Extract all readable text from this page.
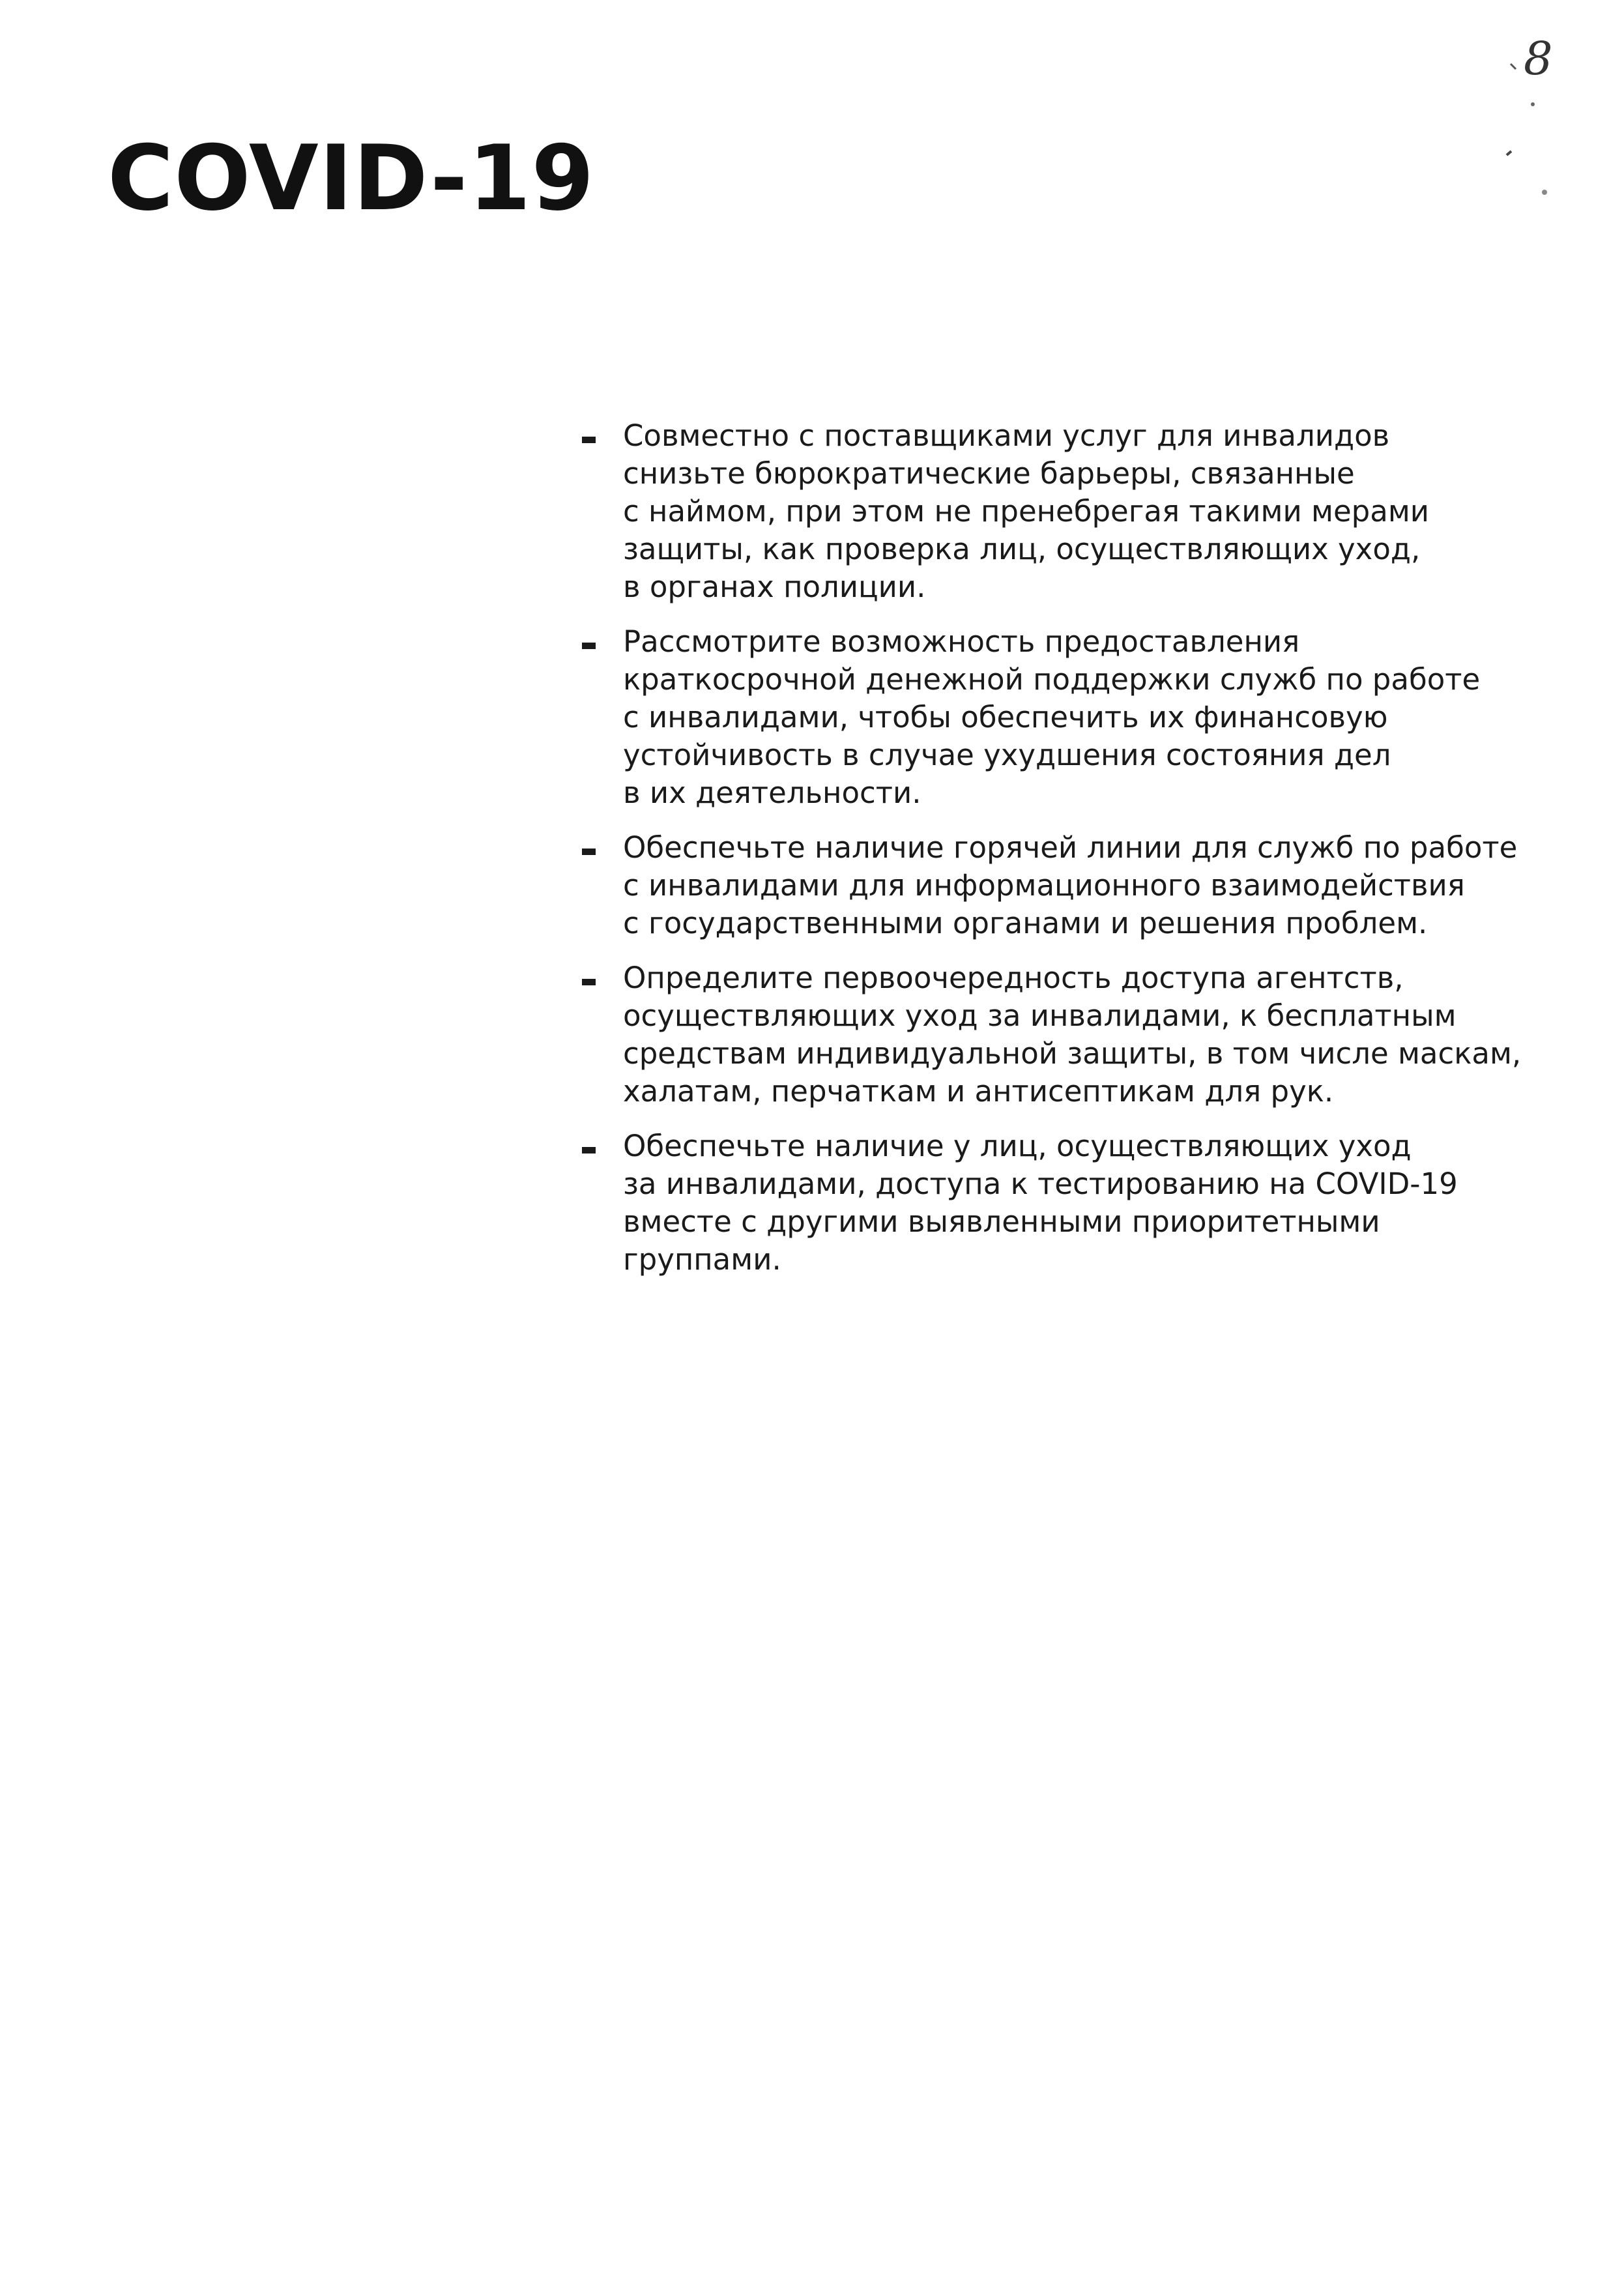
8
COVID-19
Совместно с поставщиками услуг для инвалидов
снизьте бюрократические барьеры, связанные
с наймом, при этом не пренебрегая такими мерами
защиты, как проверка лиц, осуществляющих уход,
в органах полиции.
Рассмотрите возможность предоставления
краткосрочной денежной поддержки служб по работе
с инвалидами, чтобы обеспечить их финансовую
устойчивость в случае ухудшения состояния дел
в их деятельности.
Обеспечьте наличие горячей линии для служб по работе
с инвалидами для информационного взаимодействия
с государственными органами и решения проблем.
Определите первоочередность доступа агентств,
осуществляющих уход за инвалидами, к бесплатным
средствам индивидуальной защиты, в том числе маскам,
халатам, перчаткам и антисептикам для рук.
Обеспечьте наличие у лиц, осуществляющих уход
за инвалидами, доступа к тестированию на COVID-19
вместе с другими выявленными приоритетными
группами.
